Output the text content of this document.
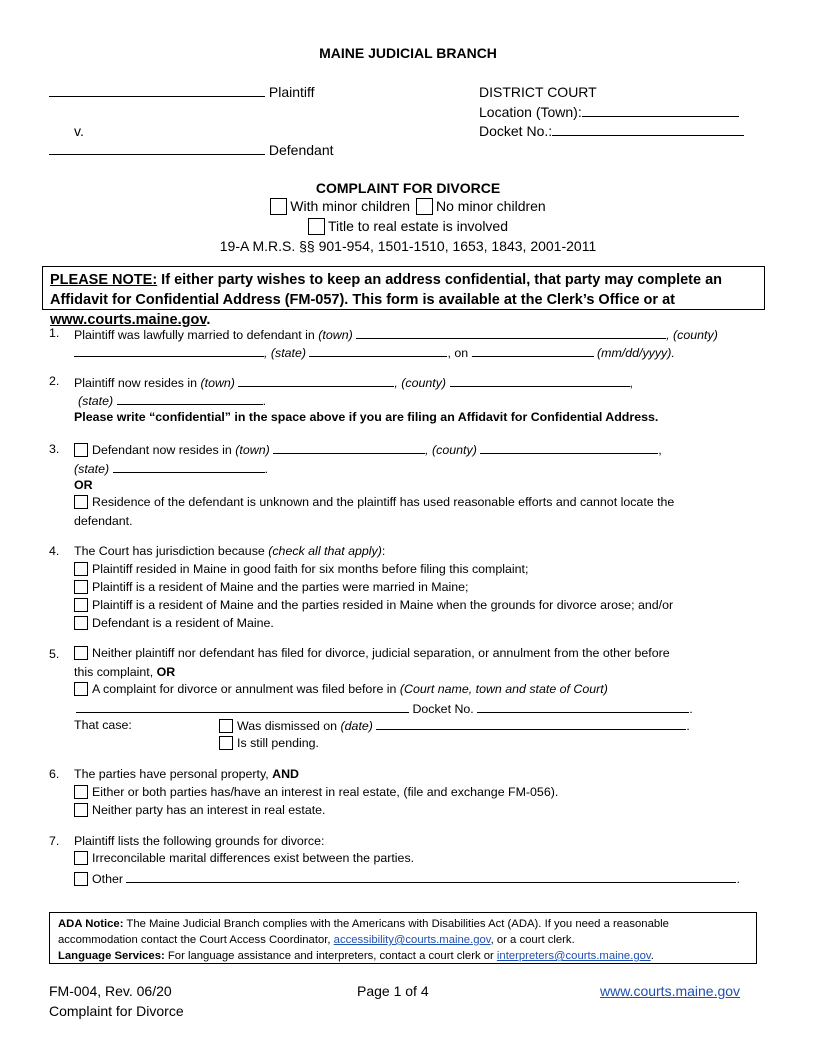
MAINE JUDICIAL BRANCH
Plaintiff
v.
Defendant
DISTRICT COURT
Location (Town):
Docket No.:
COMPLAINT FOR DIVORCE
With minor children No minor children
Title to real estate is involved
19-A M.R.S. §§ 901-954, 1501-1510, 1653, 1843, 2001-2011
PLEASE NOTE: If either party wishes to keep an address confidential, that party may complete an Affidavit for Confidential Address (FM-057). This form is available at the Clerk’s Office or at www.courts.maine.gov.
1. Plaintiff was lawfully married to defendant in (town)	, (county)
, (state)	, on	(mm/dd/yyyy).
2. Plaintiff now resides in (town)	, (county)	,
(state)	.
Please write “confidential” in the space above if you are filing an Affidavit for Confidential Address.
3.	Defendant now resides in (town)	, (county)	,
(state)	.
OR
Residence of the defendant is unknown and the plaintiff has used reasonable efforts and cannot locate the
defendant.
4. The Court has jurisdiction because (check all that apply):
Plaintiff resided in Maine in good faith for six months before filing this complaint;
Plaintiff is a resident of Maine and the parties were married in Maine;
Plaintiff is a resident of Maine and the parties resided in Maine when the grounds for divorce arose; and/or
Defendant is a resident of Maine.
5.	Neither plaintiff nor defendant has filed for divorce, judicial separation, or annulment from the other before
this complaint, OR
A complaint for divorce or annulment was filed before in (Court name, town and state of Court)
Docket No.	.
That case:	Was dismissed on (date)	.
Is still pending.
6. The parties have personal property, AND
Either or both parties has/have an interest in real estate, (file and exchange FM-056).
Neither party has an interest in real estate.
7. Plaintiff lists the following grounds for divorce:
Irreconcilable marital differences exist between the parties.
Other	.
ADA Notice: The Maine Judicial Branch complies with the Americans with Disabilities Act (ADA). If you need a reasonable accommodation contact the Court Access Coordinator, accessibility@courts.maine.gov, or a court clerk.
Language Services: For language assistance and interpreters, contact a court clerk or interpreters@courts.maine.gov.
FM-004, Rev. 06/20
Complaint for Divorce
Page 1 of 4	www.courts.maine.gov
